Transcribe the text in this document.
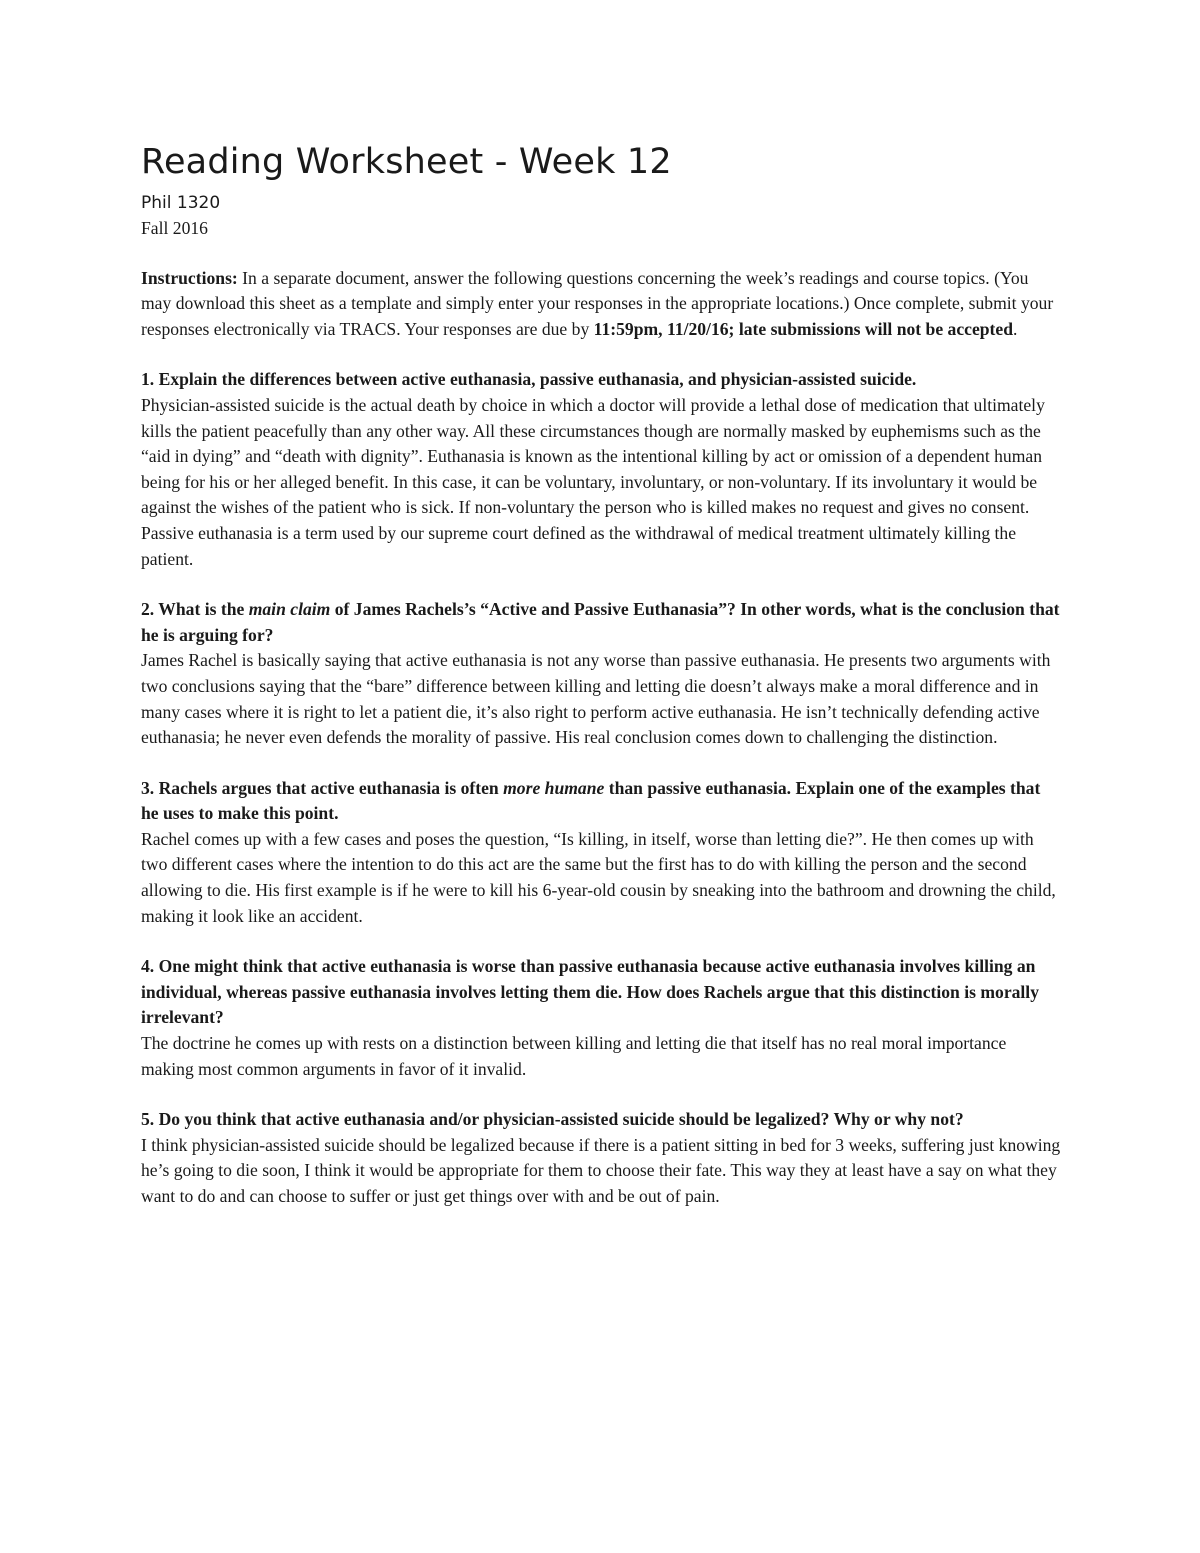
Reading Worksheet - Week 12

Phil 1320

Fall 2016

Instructions: In a separate document, answer the following questions concerning the week’s readings and course topics. (You may download this sheet as a template and simply enter your responses in the appropriate locations.) Once complete, submit your responses electronically via TRACS. Your responses are due by 11:59pm, 11/20/16; late submissions will not be accepted.

1. Explain the differences between active euthanasia, passive euthanasia, and physician-assisted suicide.

Physician-assisted suicide is the actual death by choice in which a doctor will provide a lethal dose of medication that ultimately kills the patient peacefully than any other way. All these circumstances though are normally masked by euphemisms such as the “aid in dying” and “death with dignity”. Euthanasia is known as the intentional killing by act or omission of a dependent human being for his or her alleged benefit. In this case, it can be voluntary, involuntary, or non-voluntary. If its involuntary it would be against the wishes of the patient who is sick. If non-voluntary the person who is killed makes no request and gives no consent. Passive euthanasia is a term used by our supreme court defined as the withdrawal of medical treatment ultimately killing the patient.

2. What is the main claim of James Rachels’s “Active and Passive Euthanasia”? In other words, what is the conclusion that he is arguing for?

James Rachel is basically saying that active euthanasia is not any worse than passive euthanasia. He presents two arguments with two conclusions saying that the “bare” difference between killing and letting die doesn’t always make a moral difference and in many cases where it is right to let a patient die, it’s also right to perform active euthanasia. He isn’t technically defending active euthanasia; he never even defends the morality of passive. His real conclusion comes down to challenging the distinction.

3. Rachels argues that active euthanasia is often more humane than passive euthanasia. Explain one of the examples that he uses to make this point.

Rachel comes up with a few cases and poses the question, “Is killing, in itself, worse than letting die?”. He then comes up with two different cases where the intention to do this act are the same but the first has to do with killing the person and the second allowing to die. His first example is if he were to kill his 6-year-old cousin by sneaking into the bathroom and drowning the child, making it look like an accident.

4. One might think that active euthanasia is worse than passive euthanasia because active euthanasia involves killing an individual, whereas passive euthanasia involves letting them die. How does Rachels argue that this distinction is morally irrelevant?

The doctrine he comes up with rests on a distinction between killing and letting die that itself has no real moral importance making most common arguments in favor of it invalid.

5. Do you think that active euthanasia and/or physician-assisted suicide should be legalized? Why or why not?

I think physician-assisted suicide should be legalized because if there is a patient sitting in bed for 3 weeks, suffering just knowing he’s going to die soon, I think it would be appropriate for them to choose their fate. This way they at least have a say on what they want to do and can choose to suffer or just get things over with and be out of pain.
